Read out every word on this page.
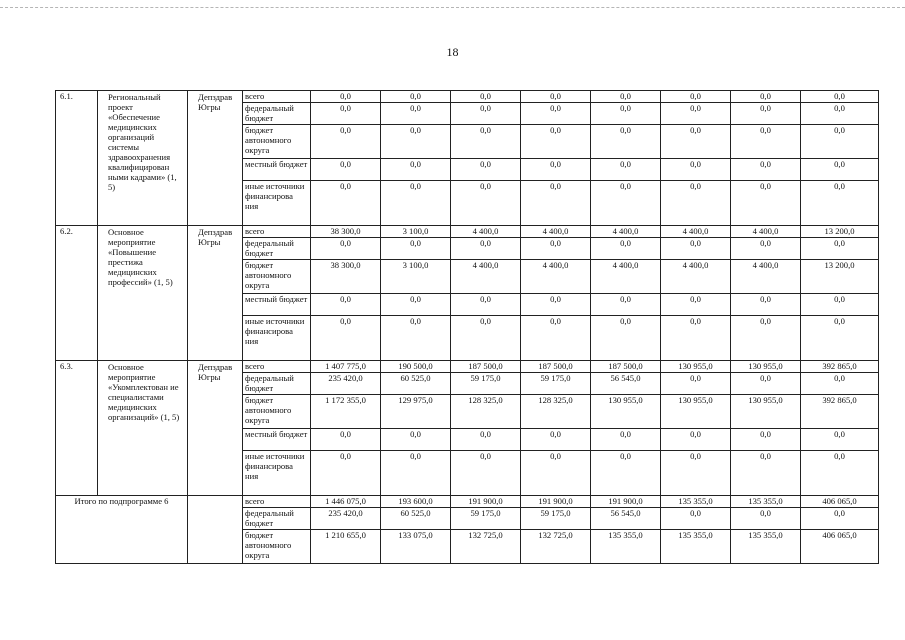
18
6.1.	Региональный проект «Обеспечение медицинских организаций системы здравоохранения квалифицирован ными кадрами» (1, 5)	Депздрав Югры	всего	0,0	0,0	0,0	0,0	0,0	0,0	0,0	0,0
			федеральный бюджет	0,0	0,0	0,0	0,0	0,0	0,0	0,0	0,0
			бюджет автономного округа	0,0	0,0	0,0	0,0	0,0	0,0	0,0	0,0
			местный бюджет	0,0	0,0	0,0	0,0	0,0	0,0	0,0	0,0
			иные источники финансирова ния	0,0	0,0	0,0	0,0	0,0	0,0	0,0	0,0
6.2.	Основное мероприятие «Повышение престижа медицинских профессий» (1, 5)	Депздрав Югры	всего	38 300,0	3 100,0	4 400,0	4 400,0	4 400,0	4 400,0	4 400,0	13 200,0
			федеральный бюджет	0,0	0,0	0,0	0,0	0,0	0,0	0,0	0,0
			бюджет автономного округа	38 300,0	3 100,0	4 400,0	4 400,0	4 400,0	4 400,0	4 400,0	13 200,0
			местный бюджет	0,0	0,0	0,0	0,0	0,0	0,0	0,0	0,0
			иные источники финансирова ния	0,0	0,0	0,0	0,0	0,0	0,0	0,0	0,0
6.3.	Основное мероприятие «Укомплектован ие специалистами медицинских организаций» (1, 5)	Депздрав Югры	всего	1 407 775,0	190 500,0	187 500,0	187 500,0	187 500,0	130 955,0	130 955,0	392 865,0
			федеральный бюджет	235 420,0	60 525,0	59 175,0	59 175,0	56 545,0	0,0	0,0	0,0
			бюджет автономного округа	1 172 355,0	129 975,0	128 325,0	128 325,0	130 955,0	130 955,0	130 955,0	392 865,0
			местный бюджет	0,0	0,0	0,0	0,0	0,0	0,0	0,0	0,0
			иные источники финансирова ния	0,0	0,0	0,0	0,0	0,0	0,0	0,0	0,0
Итого по подпрограмме 6			всего	1 446 075,0	193 600,0	191 900,0	191 900,0	191 900,0	135 355,0	135 355,0	406 065,0
			федеральный бюджет	235 420,0	60 525,0	59 175,0	59 175,0	56 545,0	0,0	0,0	0,0
			бюджет автономного округа	1 210 655,0	133 075,0	132 725,0	132 725,0	135 355,0	135 355,0	135 355,0	406 065,0
